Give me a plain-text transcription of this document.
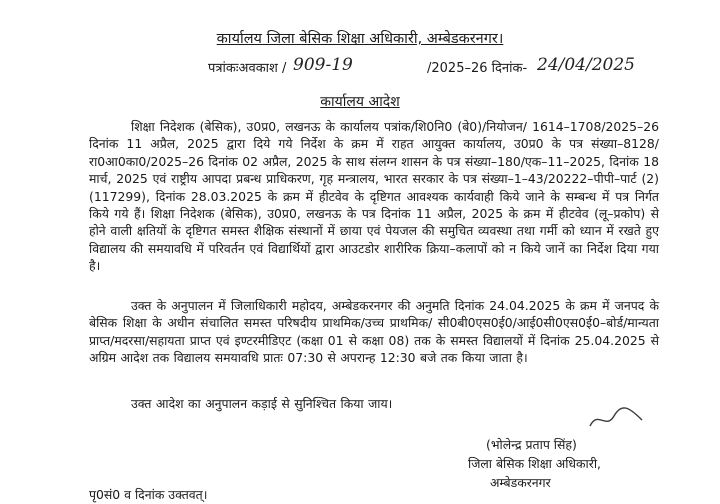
कार्यालय जिला बेसिक शिक्षा अधिकारी, अम्बेडकरनगर।
पत्रांकःअवकाश / 909-19	/2025–26 दिनांक- 24/04/2025
कार्यालय आदेश
शिक्षा निदेशक (बेसिक), उ0प्र0, लखनऊ के कार्यालय पत्रांक/शि0नि0 (बे0)/नियोजन/ 1614–1708/2025–26 दिनांक 11 अप्रैल, 2025 द्वारा दिये गये निर्देश के क्रम में राहत आयुक्त कार्यालय, उ0प्र0 के पत्र संख्या–8128/रा0आ0का0/2025–26 दिनांक 02 अप्रैल, 2025 के साथ संलग्न शासन के पत्र संख्या–180/एक–11–2025, दिनांक 18 मार्च, 2025 एवं राष्ट्रीय आपदा प्रबन्ध प्राधिकरण, गृह मन्त्रालय, भारत सरकार के पत्र संख्या–1–43/20222–पीपी–पार्ट (2) (117299), दिनांक 28.03.2025 के क्रम में हीटवेव के दृष्टिगत आवश्यक कार्यवाही किये जाने के सम्बन्ध में पत्र निर्गत किये गये हैं। शिक्षा निदेशक (बेसिक), उ0प्र0, लखनऊ के पत्र दिनांक 11 अप्रैल, 2025 के क्रम में हीटवेव (लू–प्रकोप) से होने वाली क्षतियों के दृष्टिगत समस्त शैक्षिक संस्थानों में छाया एवं पेयजल की समुचित व्यवस्था तथा गर्मी को ध्यान में रखते हुए विद्यालय की समयावधि में परिवर्तन एवं विद्यार्थियों द्वारा आउटडोर शारीरिक क्रिया–कलापों को न किये जानें का निर्देश दिया गया है।
उक्त के अनुपालन में जिलाधिकारी महोदय, अम्बेडकरनगर की अनुमति दिनांक 24.04.2025 के क्रम में जनपद के बेसिक शिक्षा के अधीन संचालित समस्त परिषदीय प्राथमिक/उच्च प्राथमिक/ सी0बी0एस0ई0/आई0सी0एस0ई0–बोर्ड/मान्यता प्राप्त/मदरसा/सहायता प्राप्त एवं इण्टरमीडिएट (कक्षा 01 से कक्षा 08) तक के समस्त विद्यालयों में दिनांक 25.04.2025 से अग्रिम आदेश तक विद्यालय समयावधि प्रातः 07:30 से अपरान्ह 12:30 बजे तक किया जाता है।
उक्त आदेश का अनुपालन कड़ाई से सुनिश्चित किया जाय।
(भोलेन्द्र प्रताप सिंह)
जिला बेसिक शिक्षा अधिकारी,
अम्बेडकरनगर
पृ0सं0 व दिनांक उक्तवत्।
